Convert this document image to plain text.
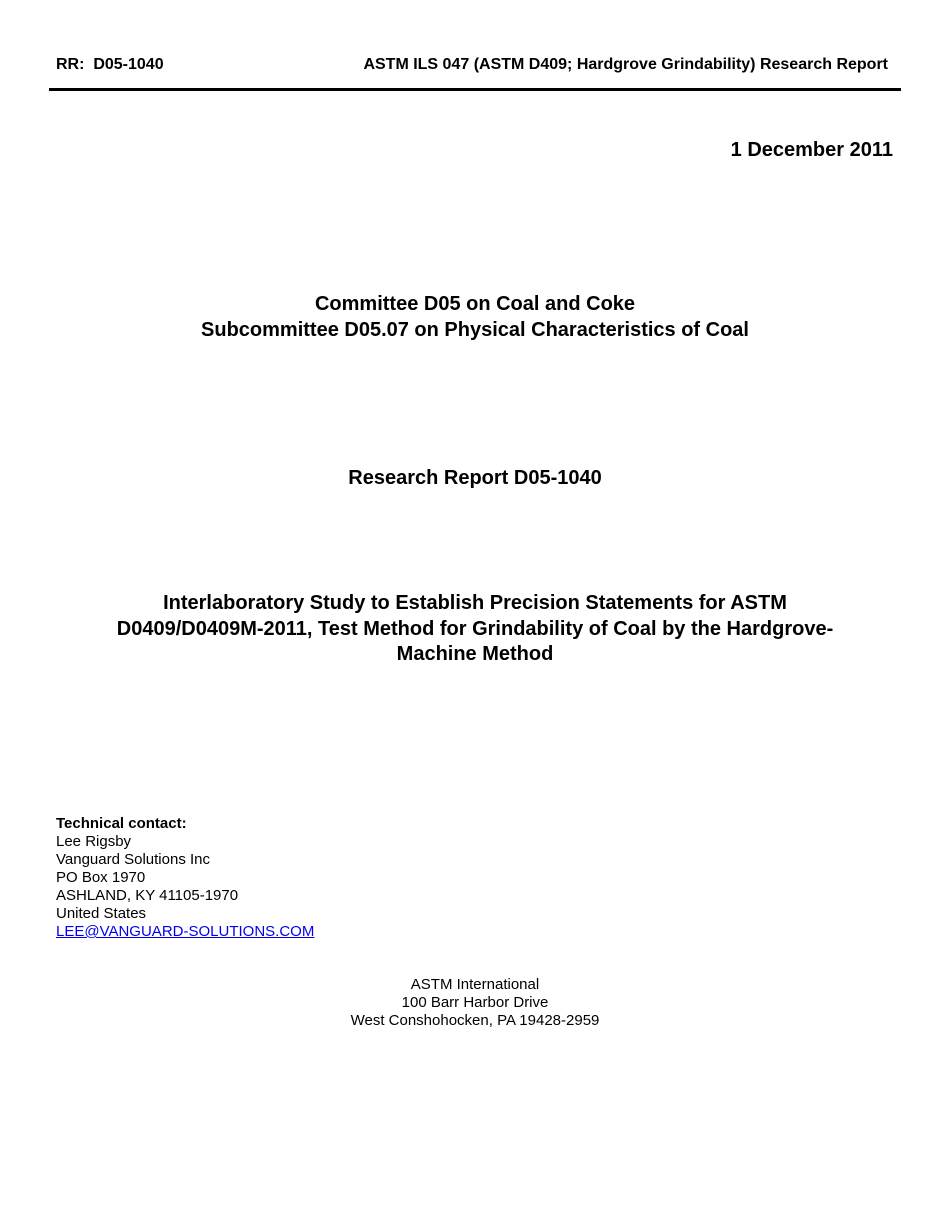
RR:  D05-1040	ASTM ILS 047 (ASTM D409; Hardgrove Grindability) Research Report
1 December 2011
Committee D05 on Coal and Coke
Subcommittee D05.07 on Physical Characteristics of Coal
Research Report D05-1040
Interlaboratory Study to Establish Precision Statements for ASTM
D0409/D0409M-2011, Test Method for Grindability of Coal by the Hardgrove-
Machine Method
Technical contact:
Lee Rigsby
Vanguard Solutions Inc
PO Box 1970
ASHLAND, KY 41105-1970
United States
LEE@VANGUARD-SOLUTIONS.COM
ASTM International
100 Barr Harbor Drive
West Conshohocken, PA 19428-2959
